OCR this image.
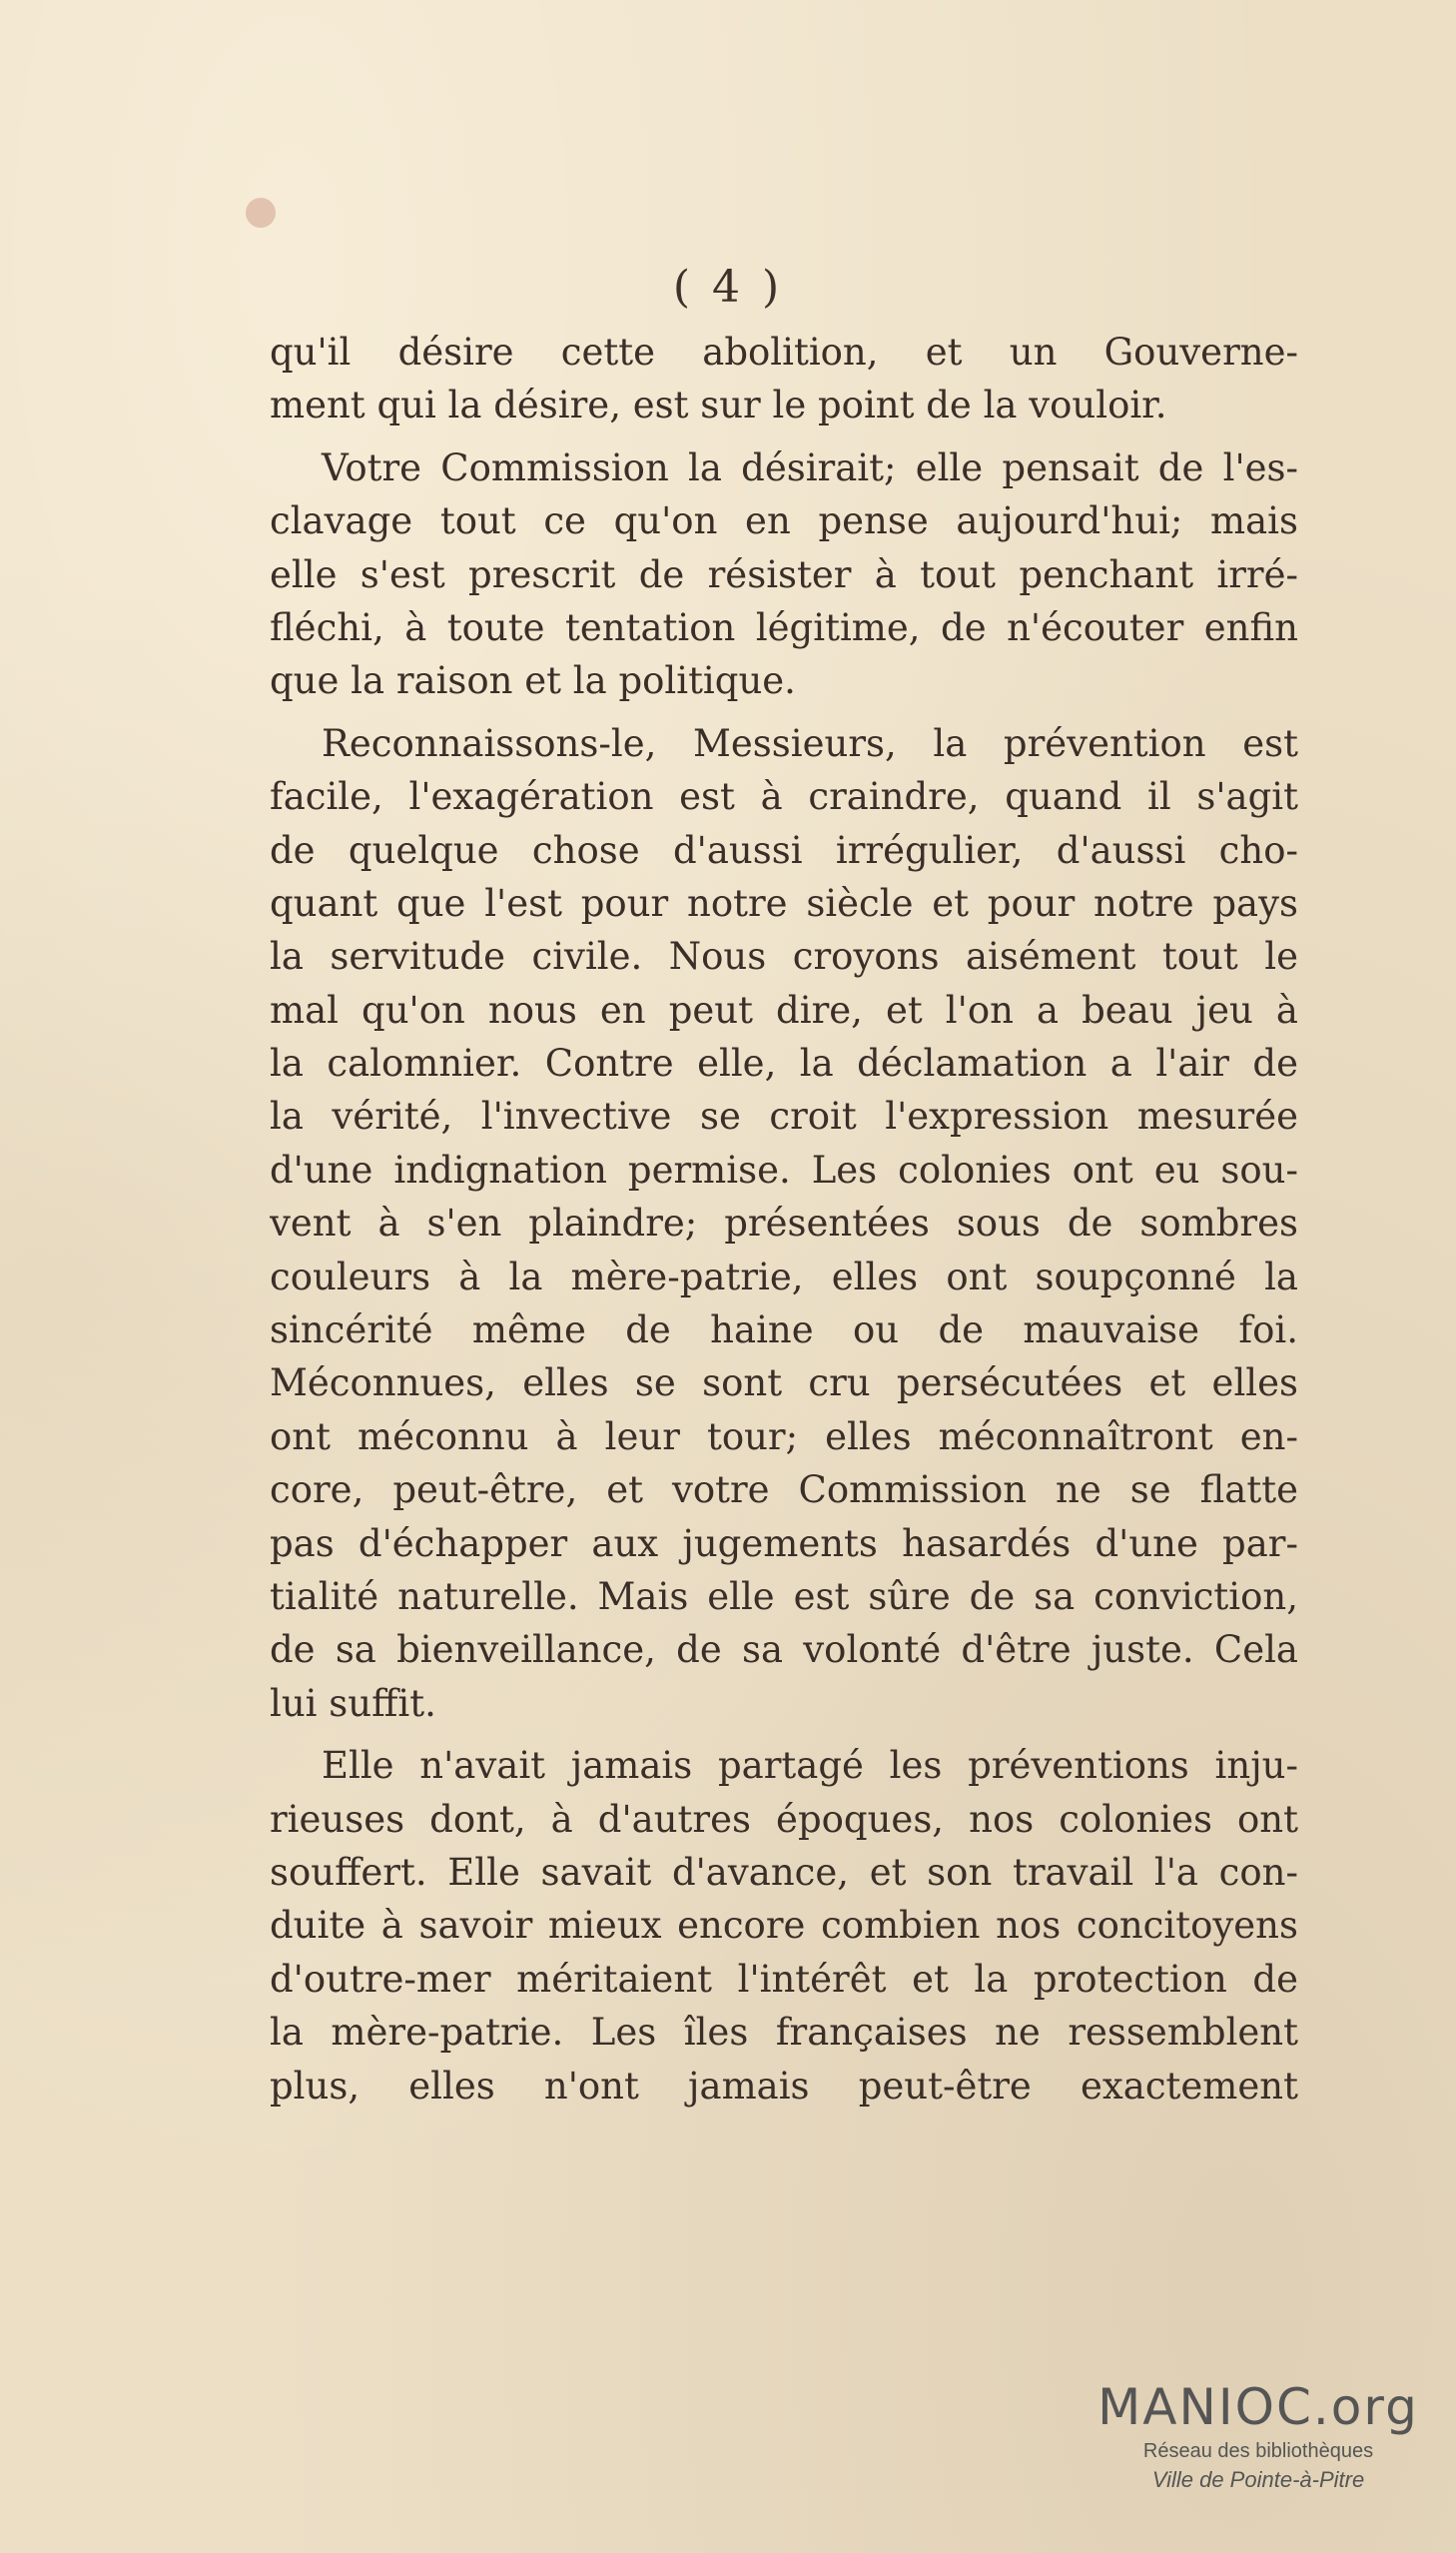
( 4 )
qu'il désire cette abolition, et un Gouverne-
ment qui la désire, est sur le point de la vouloir.
Votre Commission la désirait; elle pensait de l'es-
clavage tout ce qu'on en pense aujourd'hui; mais
elle s'est prescrit de résister à tout penchant irré-
fléchi, à toute tentation légitime, de n'écouter enfin
que la raison et la politique.
Reconnaissons-le, Messieurs, la prévention est
facile, l'exagération est à craindre, quand il s'agit
de quelque chose d'aussi irrégulier, d'aussi cho-
quant que l'est pour notre siècle et pour notre pays
la servitude civile. Nous croyons aisément tout le
mal qu'on nous en peut dire, et l'on a beau jeu à
la calomnier. Contre elle, la déclamation a l'air de
la vérité, l'invective se croit l'expression mesurée
d'une indignation permise. Les colonies ont eu sou-
vent à s'en plaindre; présentées sous de sombres
couleurs à la mère-patrie, elles ont soupçonné la
sincérité même de haine ou de mauvaise foi.
Méconnues, elles se sont cru persécutées et elles
ont méconnu à leur tour; elles méconnaîtront en-
core, peut-être, et votre Commission ne se flatte
pas d'échapper aux jugements hasardés d'une par-
tialité naturelle. Mais elle est sûre de sa conviction,
de sa bienveillance, de sa volonté d'être juste. Cela
lui suffit.
Elle n'avait jamais partagé les préventions inju-
rieuses dont, à d'autres époques, nos colonies ont
souffert. Elle savait d'avance, et son travail l'a con-
duite à savoir mieux encore combien nos concitoyens
d'outre-mer méritaient l'intérêt et la protection de
la mère-patrie. Les îles françaises ne ressemblent
plus, elles n'ont jamais peut-être exactement
MANIOC.org
Réseau des bibliothèques
Ville de Pointe-à-Pitre
